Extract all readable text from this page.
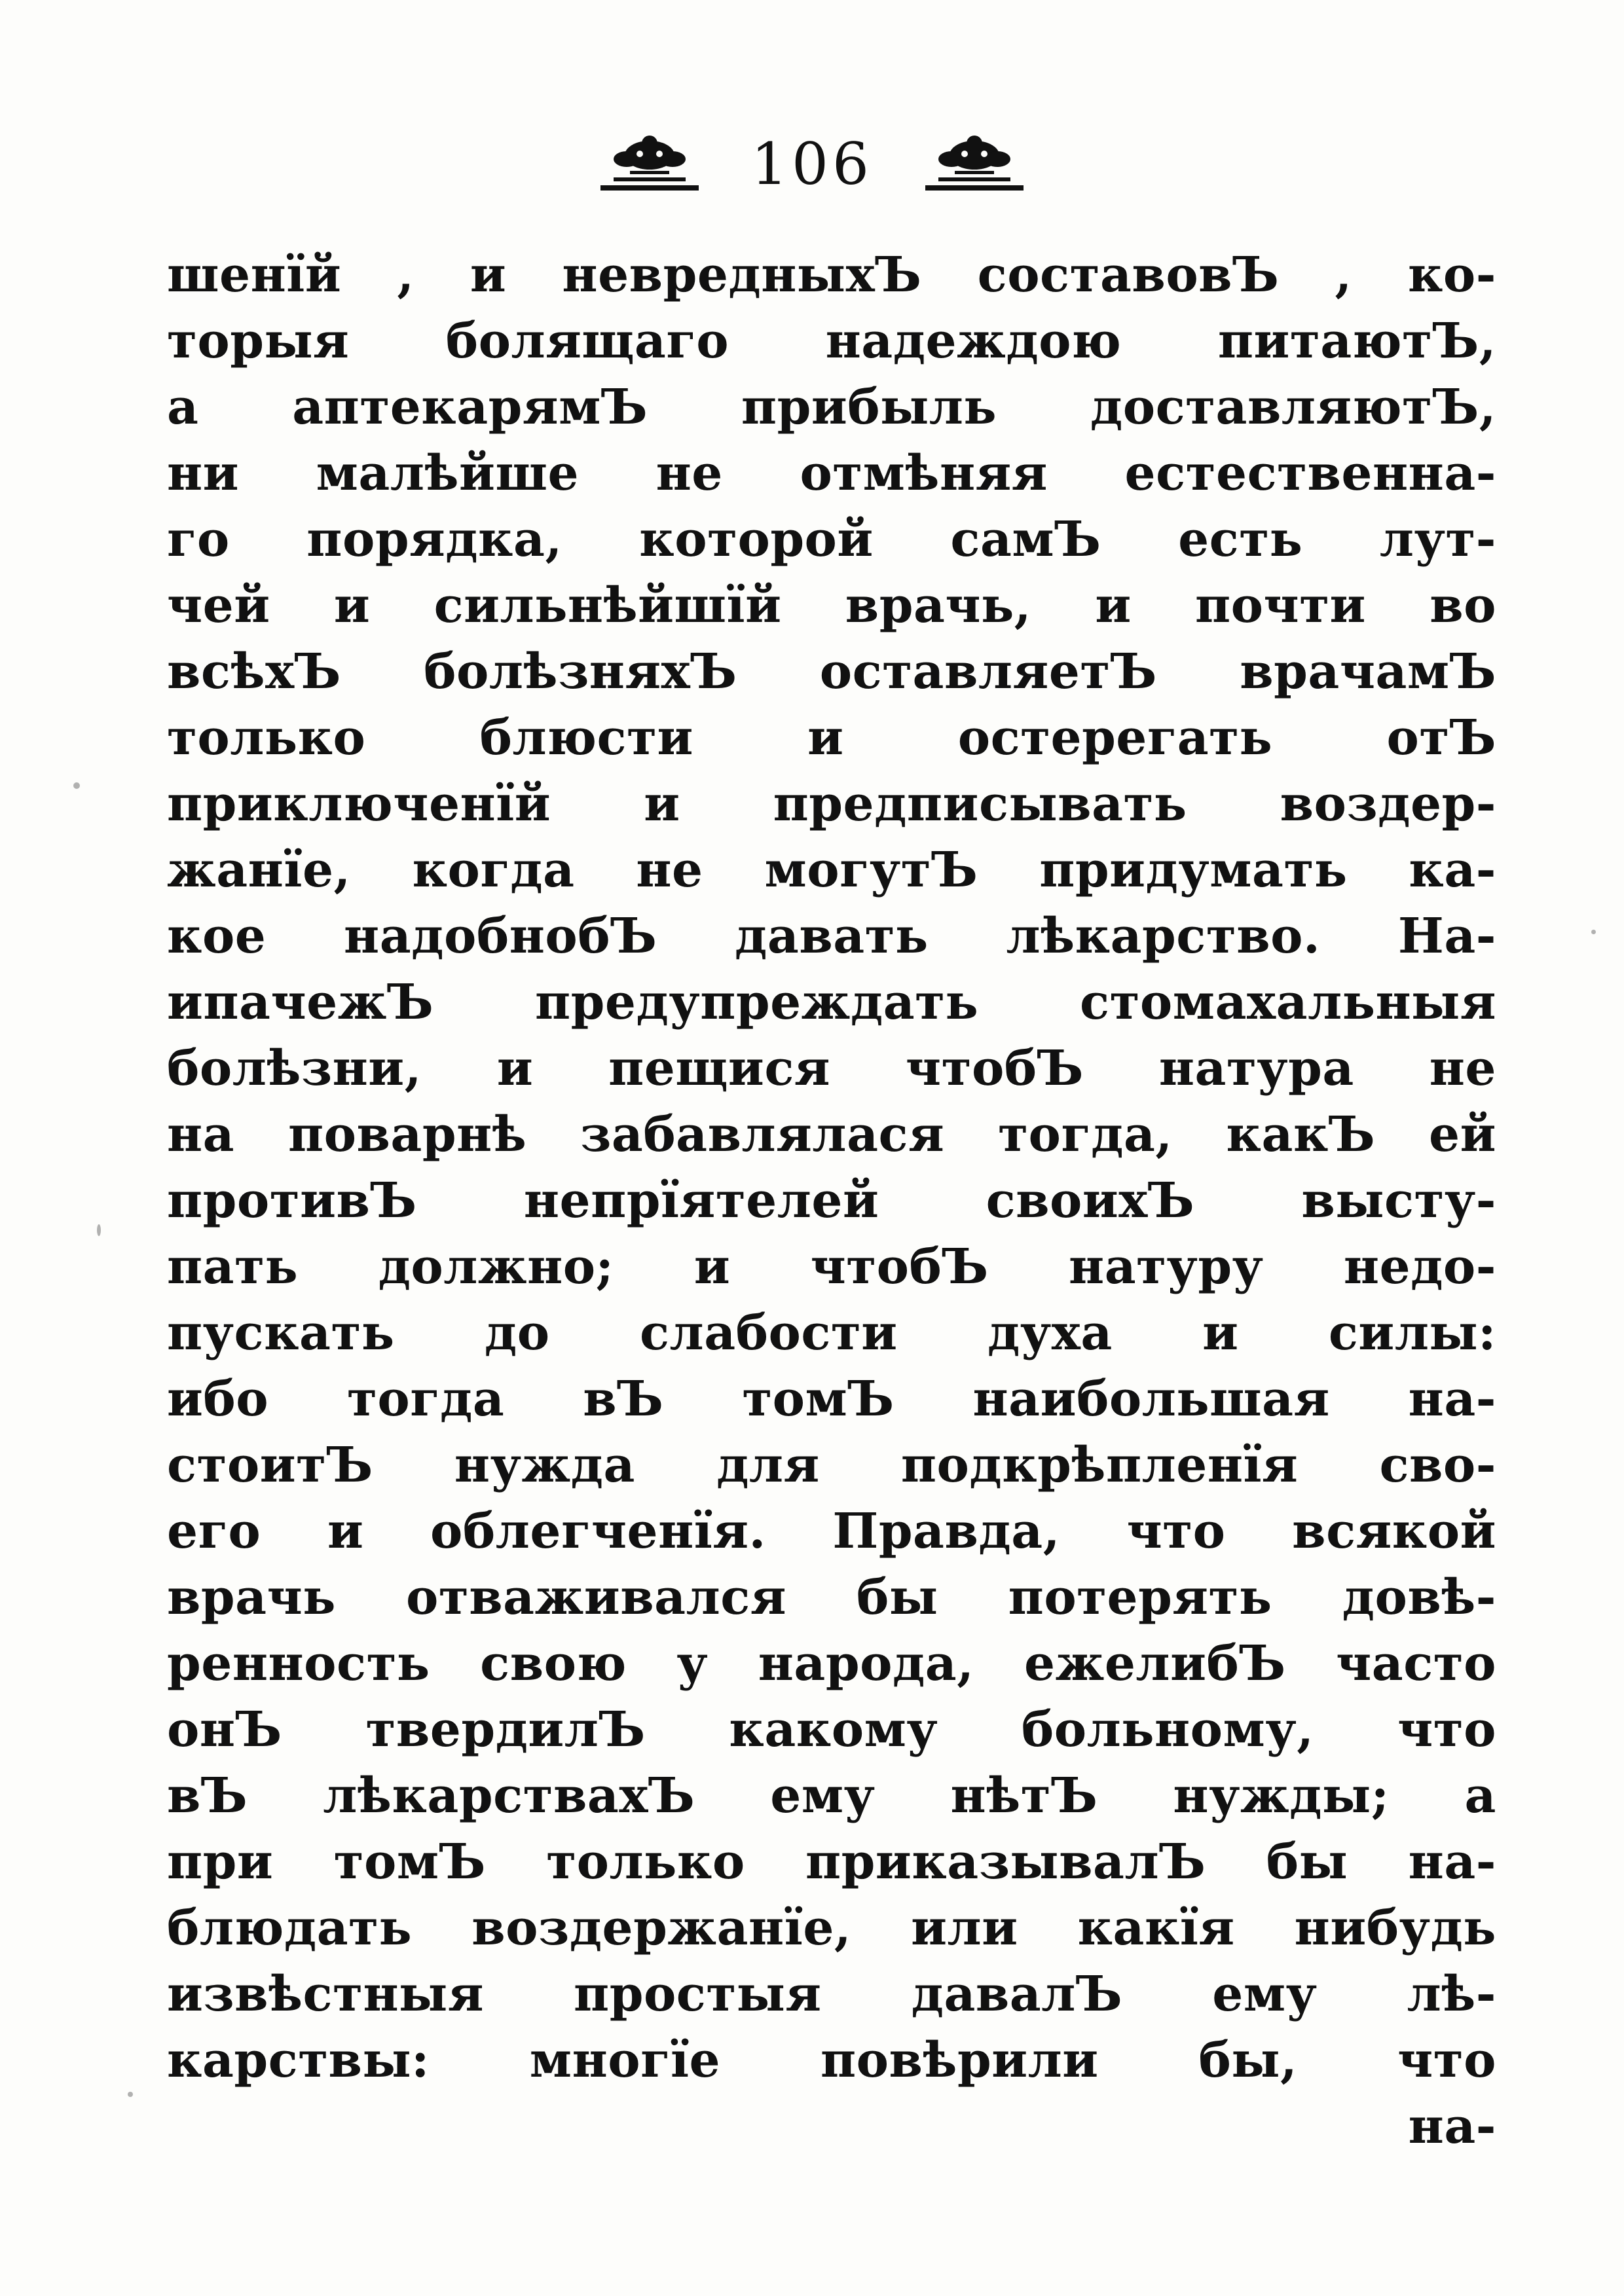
106
шенїй , и невредныхЪ составовЪ , ко-
торыя болящаго надеждою питаютЪ,
а аптекарямЪ прибыль доставляютЪ,
ни малѣйше не отмѣняя естественна-
го порядка, которой самЪ есть лут-
чей и сильнѣйшїй врачь, и почти во
всѣхЪ болѣзняхЪ оставляетЪ врачамЪ
только блюсти и остерегать отЪ
приключенїй и предписывать воздер-
жанїе, когда не могутЪ придумать ка-
кое надобнобЪ давать лѣкарство. На-
ипачежЪ предупреждать стомахальныя
болѣзни, и пещися чтобЪ натура не
на поварнѣ забавлялася тогда, какЪ ей
противЪ непрїятелей своихЪ высту-
пать должно; и чтобЪ натуру недо-
пускать до слабости духа и силы:
ибо тогда вЪ томЪ наибольшая на-
стоитЪ нужда для подкрѣпленїя сво-
его и облегченїя. Правда, что всякой
врачь отваживался бы потерять довѣ-
ренность свою у народа, ежелибЪ часто
онЪ твердилЪ какому больному, что
вЪ лѣкарствахЪ ему нѣтЪ нужды; а
при томЪ только приказывалЪ бы на-
блюдать воздержанїе, или какїя нибудь
извѣстныя простыя давалЪ ему лѣ-
карствы: многїе повѣрили бы, что
на-
